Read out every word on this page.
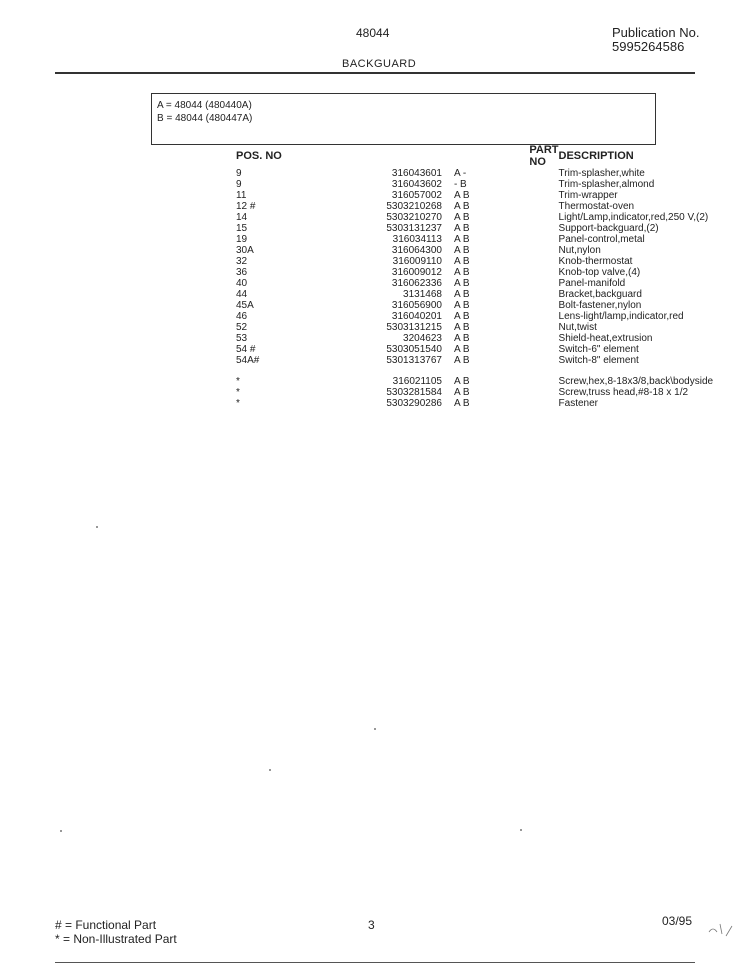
48044	Publication No.
5995264586
BACKGUARD
A = 48044 (480440A)
B = 48044 (480447A)
POS. NO	PART NO		DESCRIPTION
9	316043601	A -	Trim-splasher,white
9	316043602	- B	Trim-splasher,almond
11	316057002	A B	Trim-wrapper
12 #	5303210268	A B	Thermostat-oven
14	5303210270	A B	Light/Lamp,indicator,red,250 V,(2)
15	5303131237	A B	Support-backguard,(2)
19	316034113	A B	Panel-control,metal
30A	316064300	A B	Nut,nylon
32	316009110	A B	Knob-thermostat
36	316009012	A B	Knob-top valve,(4)
40	316062336	A B	Panel-manifold
44	3131468	A B	Bracket,backguard
45A	316056900	A B	Bolt-fastener,nylon
46	316040201	A B	Lens-light/lamp,indicator,red
52	5303131215	A B	Nut,twist
53	3204623	A B	Shield-heat,extrusion
54 #	5303051540	A B	Switch-6" element
54A#	5301313767	A B	Switch-8" element

*	316021105	A B	Screw,hex,8-18x3/8,back\bodyside
*	5303281584	A B	Screw,truss head,#8-18 x 1/2
*	5303290286	A B	Fastener
# = Functional Part
* = Non-Illustrated Part
3	03/95
